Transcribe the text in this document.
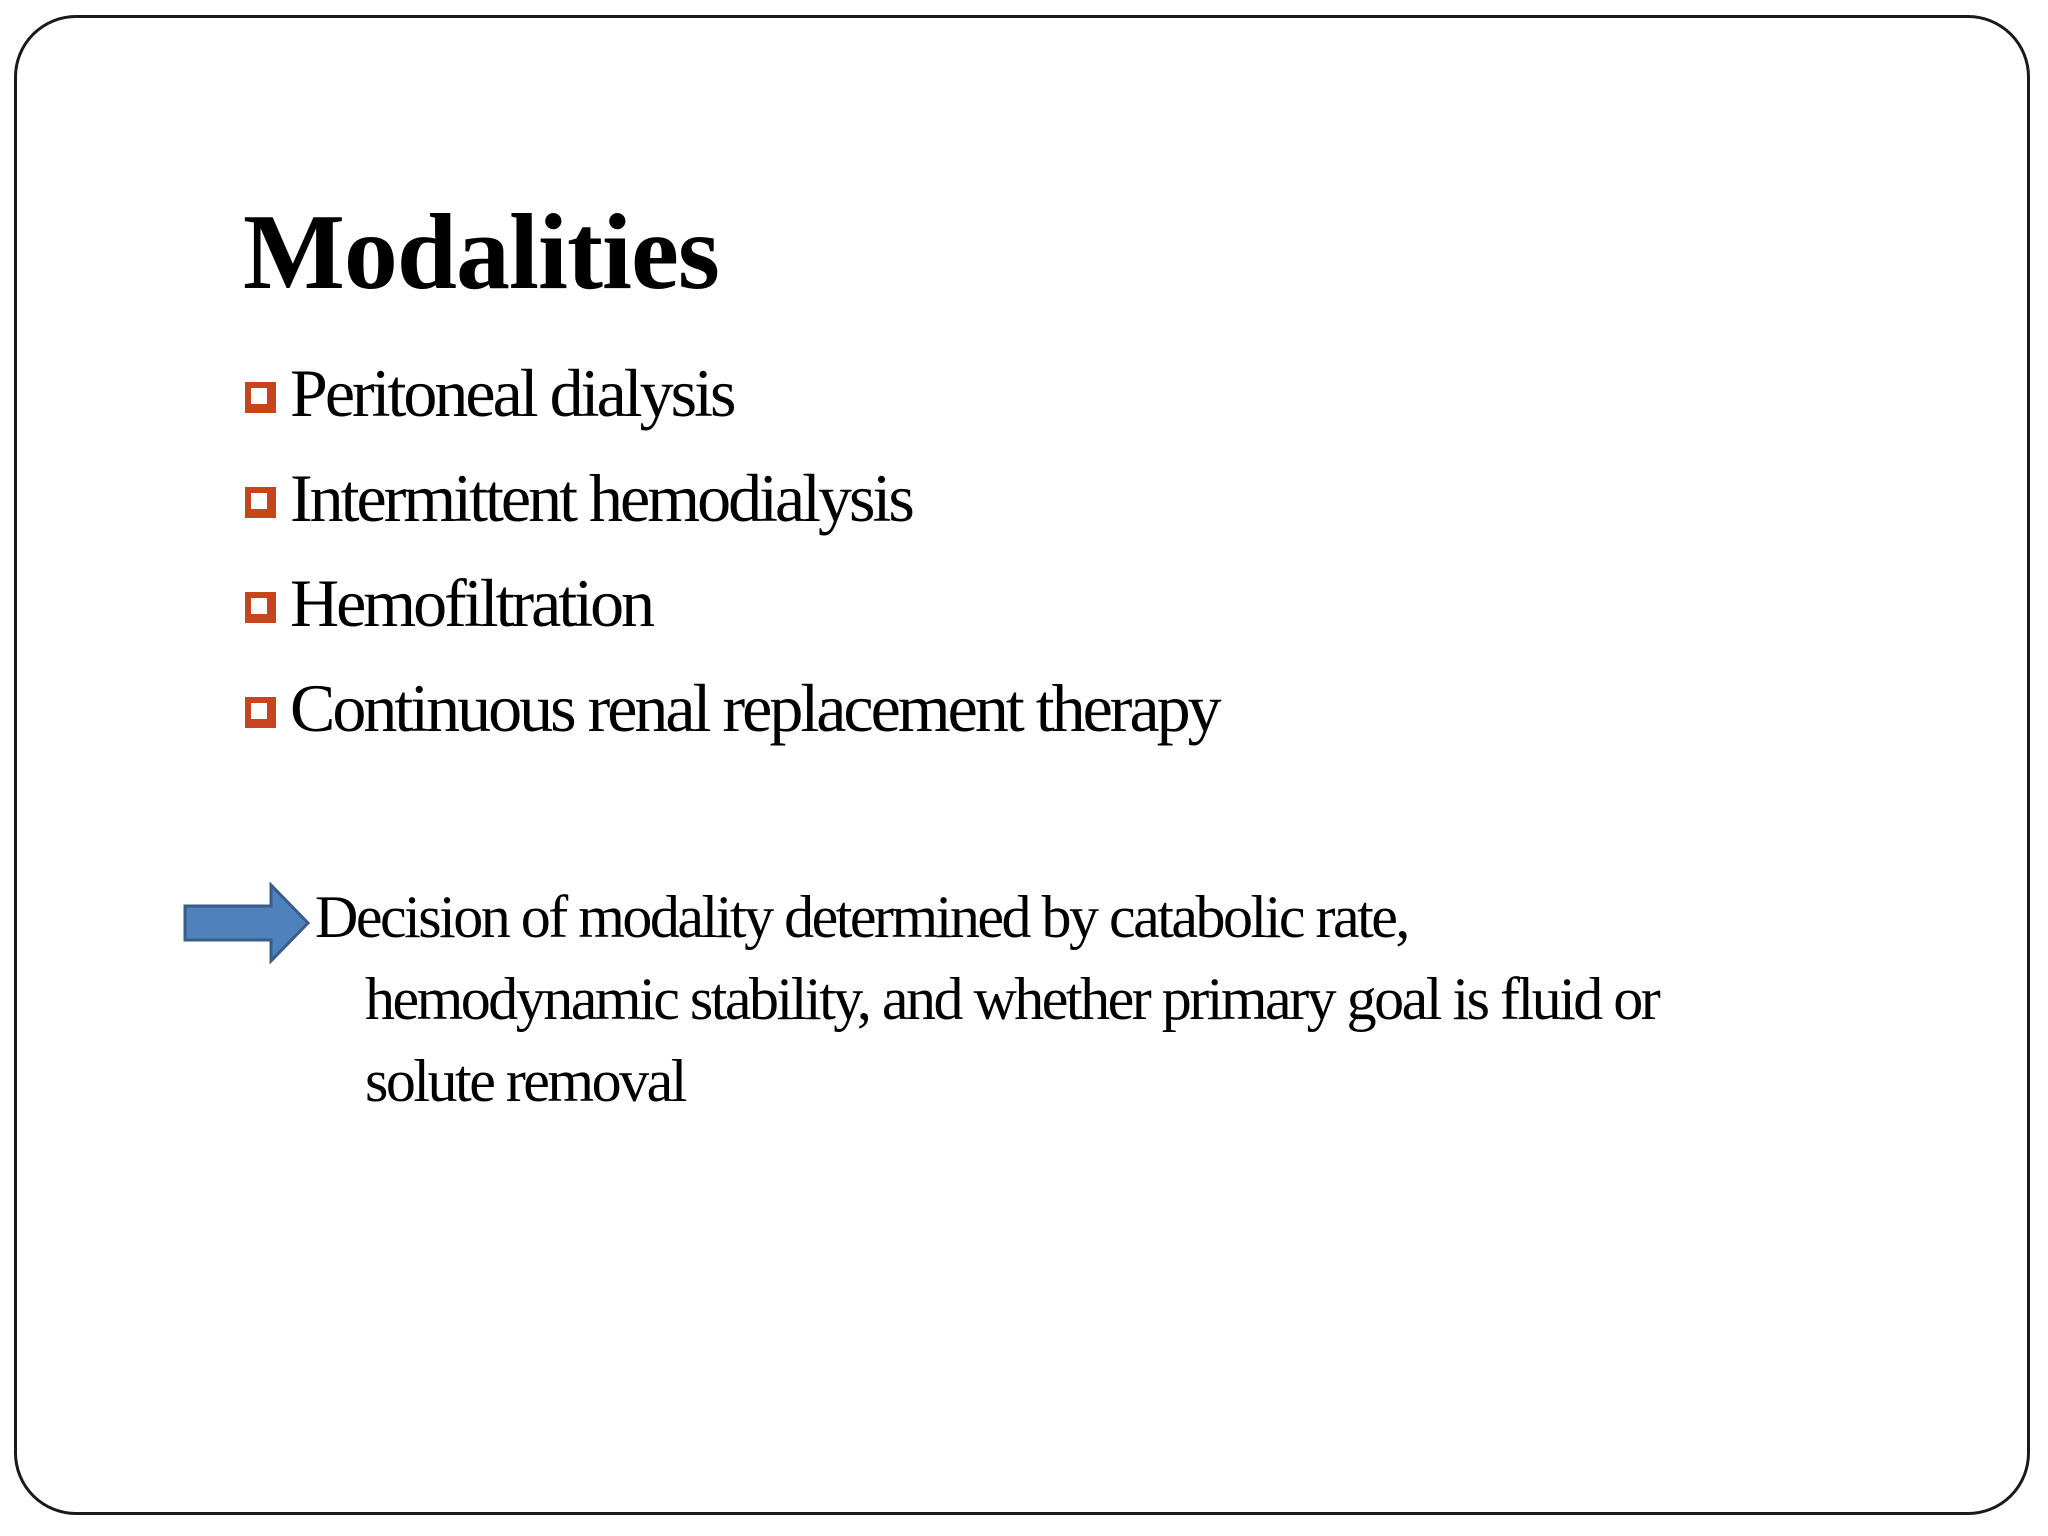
Modalities
Peritoneal dialysis
Intermittent hemodialysis
Hemofiltration
Continuous renal replacement therapy

Decision of modality determined by catabolic rate,
hemodynamic stability, and whether primary goal is fluid or
solute removal
